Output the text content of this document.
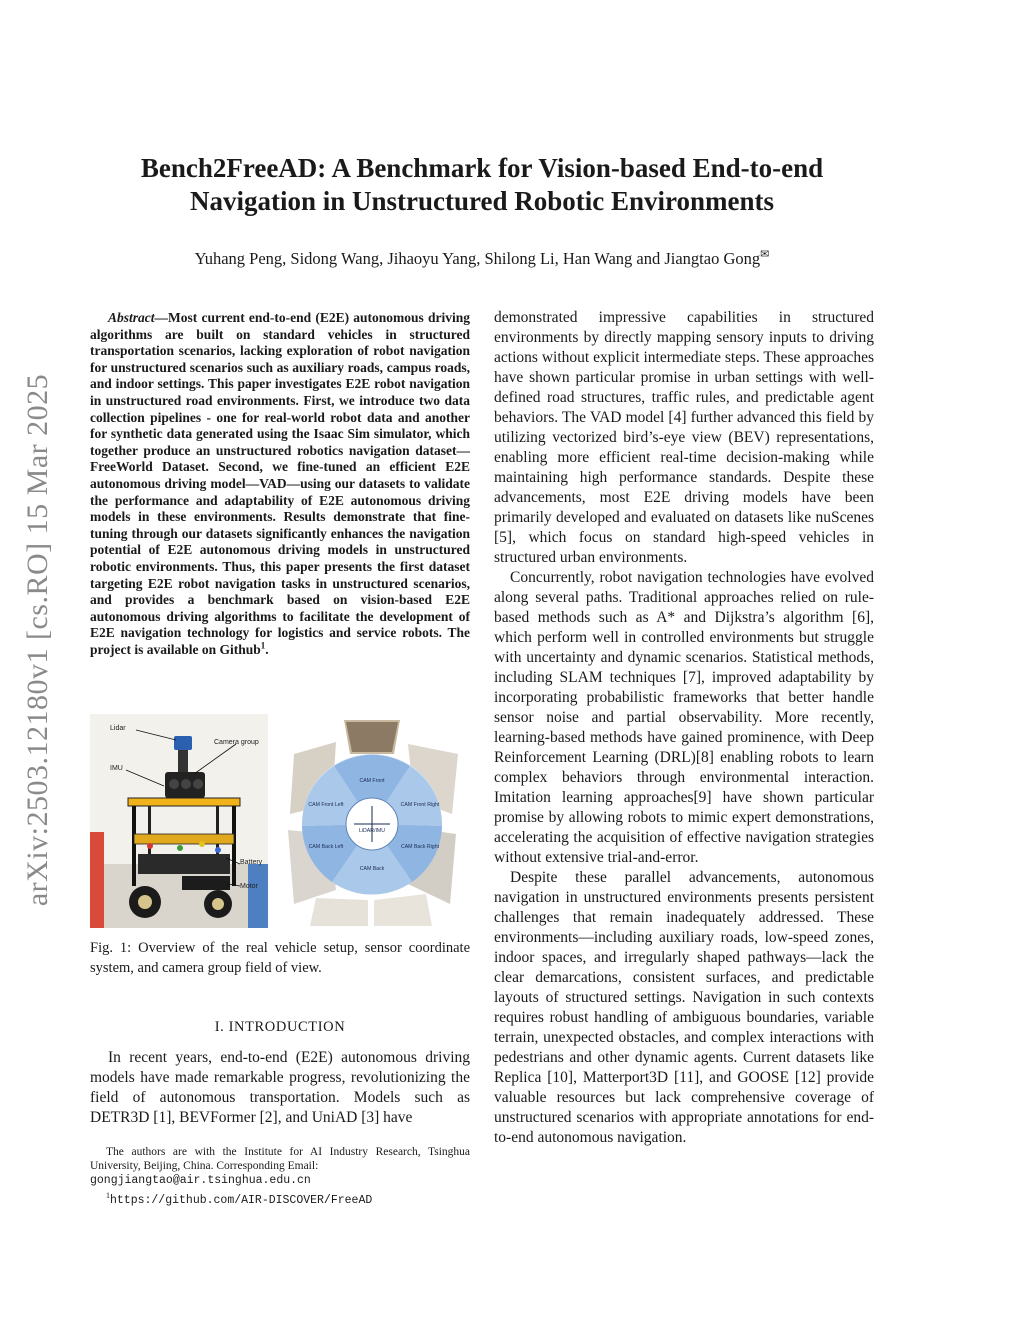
arXiv:2503.12180v1 [cs.RO] 15 Mar 2025
Bench2FreeAD: A Benchmark for Vision-based End-to-end
Navigation in Unstructured Robotic Environments
Yuhang Peng, Sidong Wang, Jihaoyu Yang, Shilong Li, Han Wang and Jiangtao Gong✉

Abstract—Most current end-to-end (E2E) autonomous driving algorithms are built on standard vehicles in structured transportation scenarios, lacking exploration of robot navigation for unstructured scenarios such as auxiliary roads, campus roads, and indoor settings. This paper investigates E2E robot navigation in unstructured road environments. First, we introduce two data collection pipelines - one for real-world robot data and another for synthetic data generated using the Isaac Sim simulator, which together produce an unstructured robotics navigation dataset—FreeWorld Dataset. Second, we fine-tuned an efficient E2E autonomous driving model—VAD—using our datasets to validate the performance and adaptability of E2E autonomous driving models in these environments. Results demonstrate that fine-tuning through our datasets significantly enhances the navigation potential of E2E autonomous driving models in unstructured robotic environments. Thus, this paper presents the first dataset targeting E2E robot navigation tasks in unstructured scenarios, and provides a benchmark based on vision-based E2E autonomous driving algorithms to facilitate the development of E2E navigation technology for logistics and service robots. The project is available on Github$^1$.

Lidar
Camera group
IMU
Battery
Motor
CAM Front
CAM Front Left	CAM Front Right
CAM Back Left	CAM Back Right
CAM Back
LiDAR/IMU

Fig. 1: Overview of the real vehicle setup, sensor coordinate system, and camera group field of view.

I. INTRODUCTION

In recent years, end-to-end (E2E) autonomous driving models have made remarkable progress, revolutionizing the field of autonomous transportation. Models such as DETR3D [1], BEVFormer [2], and UniAD [3] have

The authors are with the Institute for AI Industry Research, Tsinghua University, Beijing, China. Corresponding Email:
gongjiangtao@air.tsinghua.edu.cn

$^1$https://github.com/AIR-DISCOVER/FreeAD

demonstrated impressive capabilities in structured environments by directly mapping sensory inputs to driving actions without explicit intermediate steps. These approaches have shown particular promise in urban settings with well-defined road structures, traffic rules, and predictable agent behaviors. The VAD model [4] further advanced this field by utilizing vectorized bird’s-eye view (BEV) representations, enabling more efficient real-time decision-making while maintaining high performance standards. Despite these advancements, most E2E driving models have been primarily developed and evaluated on datasets like nuScenes [5], which focus on standard high-speed vehicles in structured urban environments.

Concurrently, robot navigation technologies have evolved along several paths. Traditional approaches relied on rule-based methods such as A* and Dijkstra’s algorithm [6], which perform well in controlled environments but struggle with uncertainty and dynamic scenarios. Statistical methods, including SLAM techniques [7], improved adaptability by incorporating probabilistic frameworks that better handle sensor noise and partial observability. More recently, learning-based methods have gained prominence, with Deep Reinforcement Learning (DRL)[8] enabling robots to learn complex behaviors through environmental interaction. Imitation learning approaches[9] have shown particular promise by allowing robots to mimic expert demonstrations, accelerating the acquisition of effective navigation strategies without extensive trial-and-error.

Despite these parallel advancements, autonomous navigation in unstructured environments presents persistent challenges that remain inadequately addressed. These environments—including auxiliary roads, low-speed zones, indoor spaces, and irregularly shaped pathways—lack the clear demarcations, consistent surfaces, and predictable layouts of structured settings. Navigation in such contexts requires robust handling of ambiguous boundaries, variable terrain, unexpected obstacles, and complex interactions with pedestrians and other dynamic agents. Current datasets like Replica [10], Matterport3D [11], and GOOSE [12] provide valuable resources but lack comprehensive coverage of unstructured scenarios with appropriate annotations for end-to-end autonomous navigation.
